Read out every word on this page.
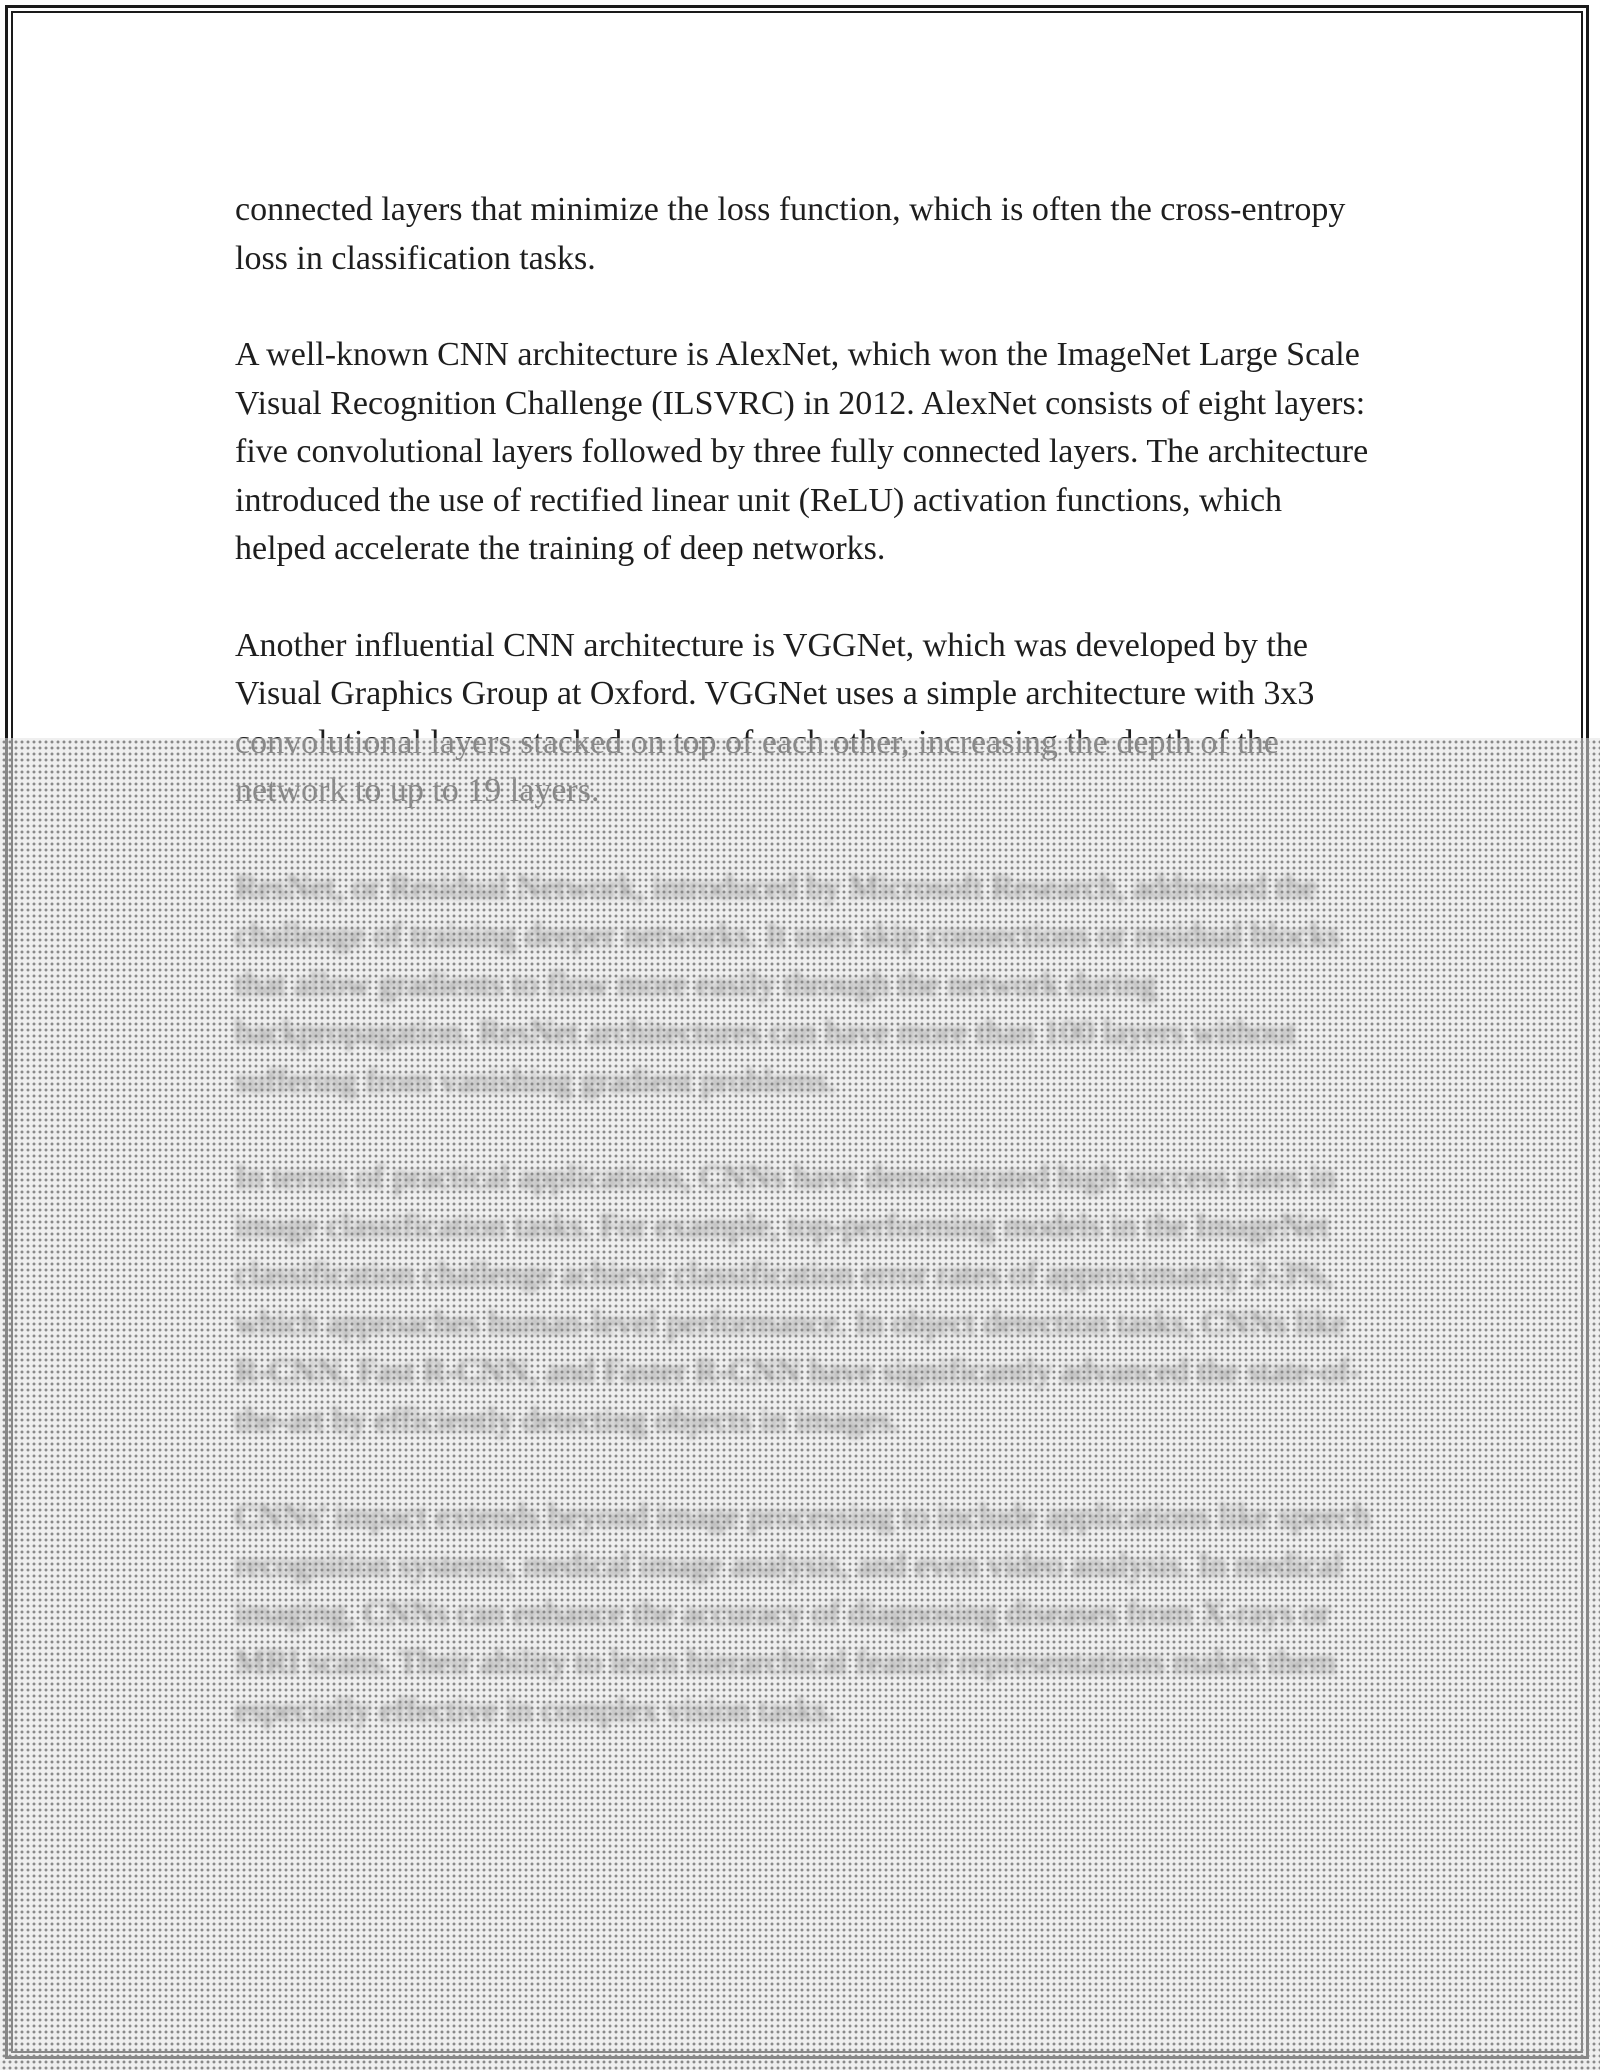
connected layers that minimize the loss function, which is often the cross-entropy loss in classification tasks.

A well-known CNN architecture is AlexNet, which won the ImageNet Large Scale Visual Recognition Challenge (ILSVRC) in 2012. AlexNet consists of eight layers: five convolutional layers followed by three fully connected layers. The architecture introduced the use of rectified linear unit (ReLU) activation functions, which helped accelerate the training of deep networks.

Another influential CNN architecture is VGGNet, which was developed by the Visual Graphics Group at Oxford. VGGNet uses a simple architecture with 3x3
